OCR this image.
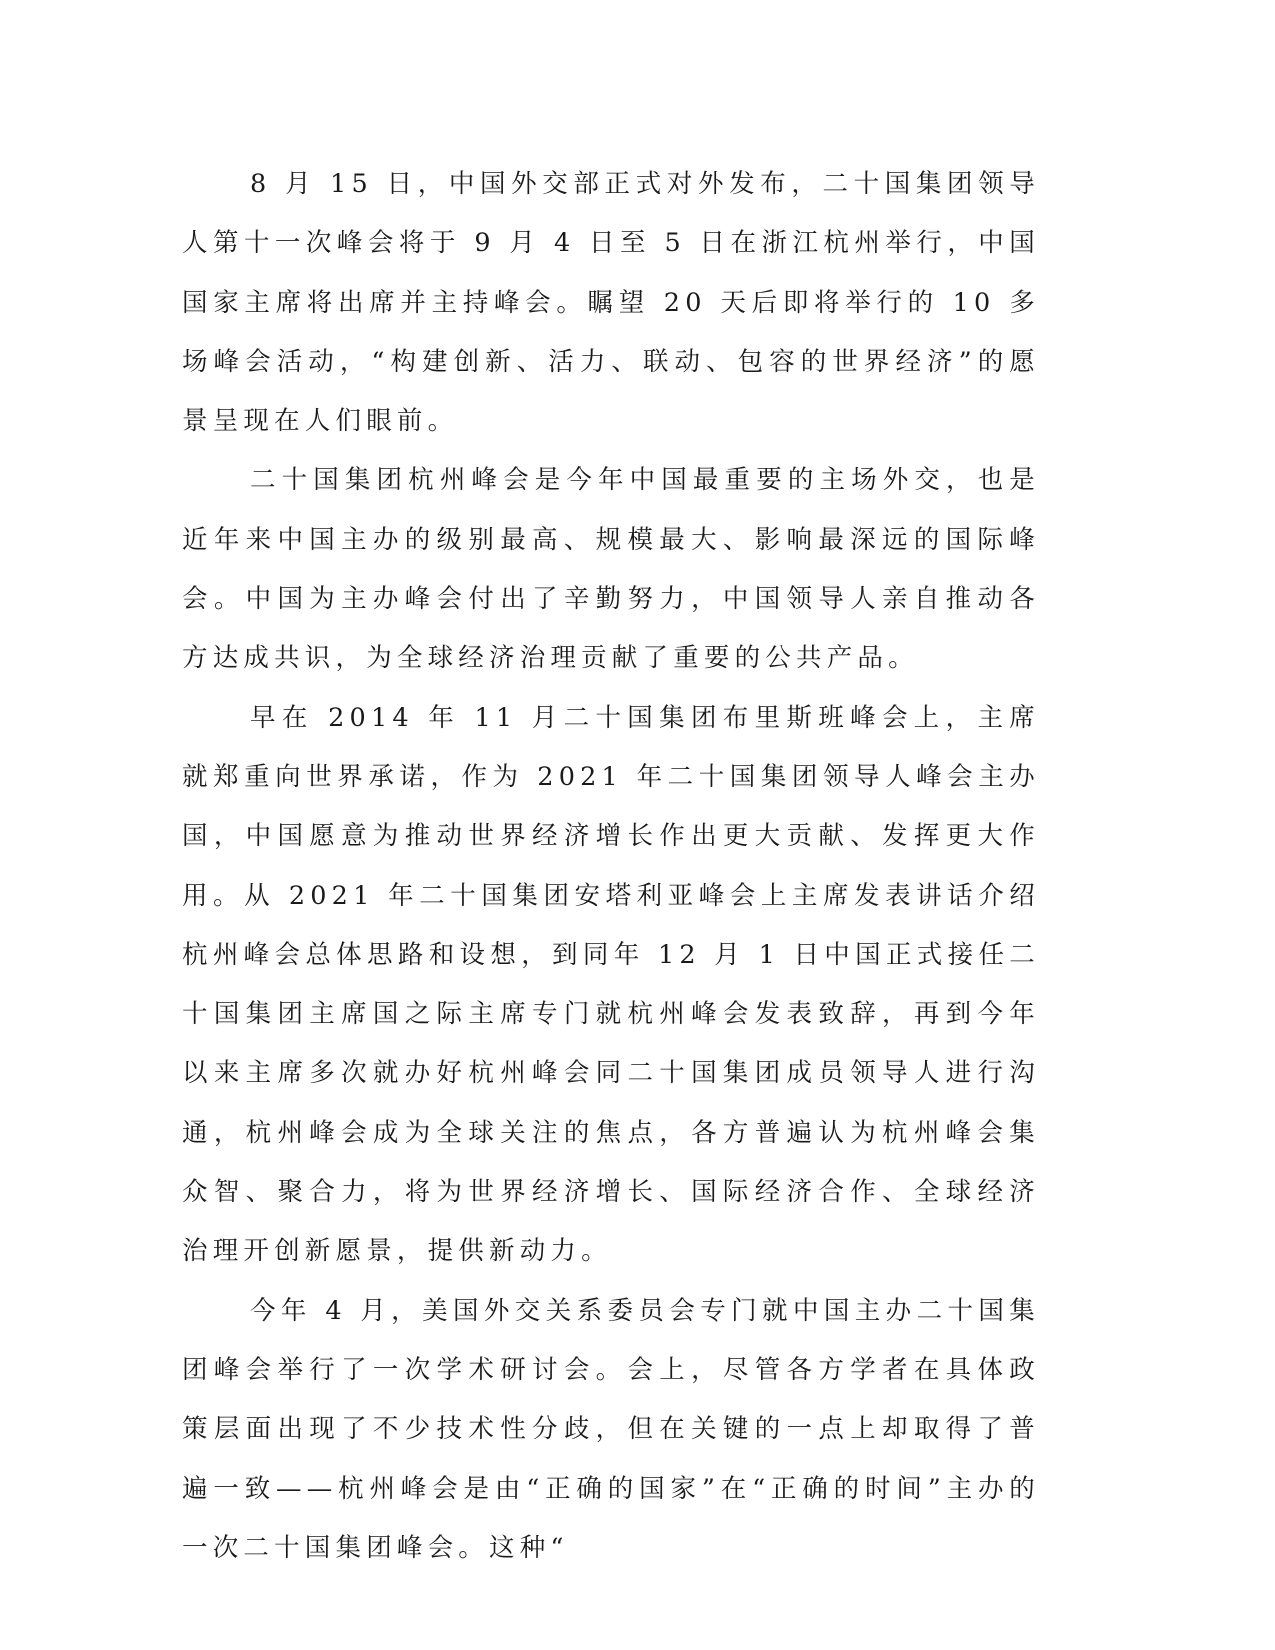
8 月 15 日，中国外交部正式对外发布，二十国集团领导人第十一次峰会将于 9 月 4 日至 5 日在浙江杭州举行，中国国家主席将出席并主持峰会。瞩望 20 天后即将举行的 10 多场峰会活动，“构建创新、活力、联动、包容的世界经济”的愿景呈现在人们眼前。

二十国集团杭州峰会是今年中国最重要的主场外交，也是近年来中国主办的级别最高、规模最大、影响最深远的国际峰会。中国为主办峰会付出了辛勤努力，中国领导人亲自推动各方达成共识，为全球经济治理贡献了重要的公共产品。

早在 2014 年 11 月二十国集团布里斯班峰会上，主席就郑重向世界承诺，作为 2021 年二十国集团领导人峰会主办国，中国愿意为推动世界经济增长作出更大贡献、发挥更大作用。从 2021 年二十国集团安塔利亚峰会上主席发表讲话介绍杭州峰会总体思路和设想，到同年 12 月 1 日中国正式接任二十国集团主席国之际主席专门就杭州峰会发表致辞，再到今年以来主席多次就办好杭州峰会同二十国集团成员领导人进行沟通，杭州峰会成为全球关注的焦点，各方普遍认为杭州峰会集众智、聚合力，将为世界经济增长、国际经济合作、全球经济治理开创新愿景，提供新动力。

今年 4 月，美国外交关系委员会专门就中国主办二十国集团峰会举行了一次学术研讨会。会上，尽管各方学者在具体政策层面出现了不少技术性分歧，但在关键的一点上却取得了普遍一致——杭州峰会是由“正确的国家”在“正确的时间”主办的一次二十国集团峰会。这种“
